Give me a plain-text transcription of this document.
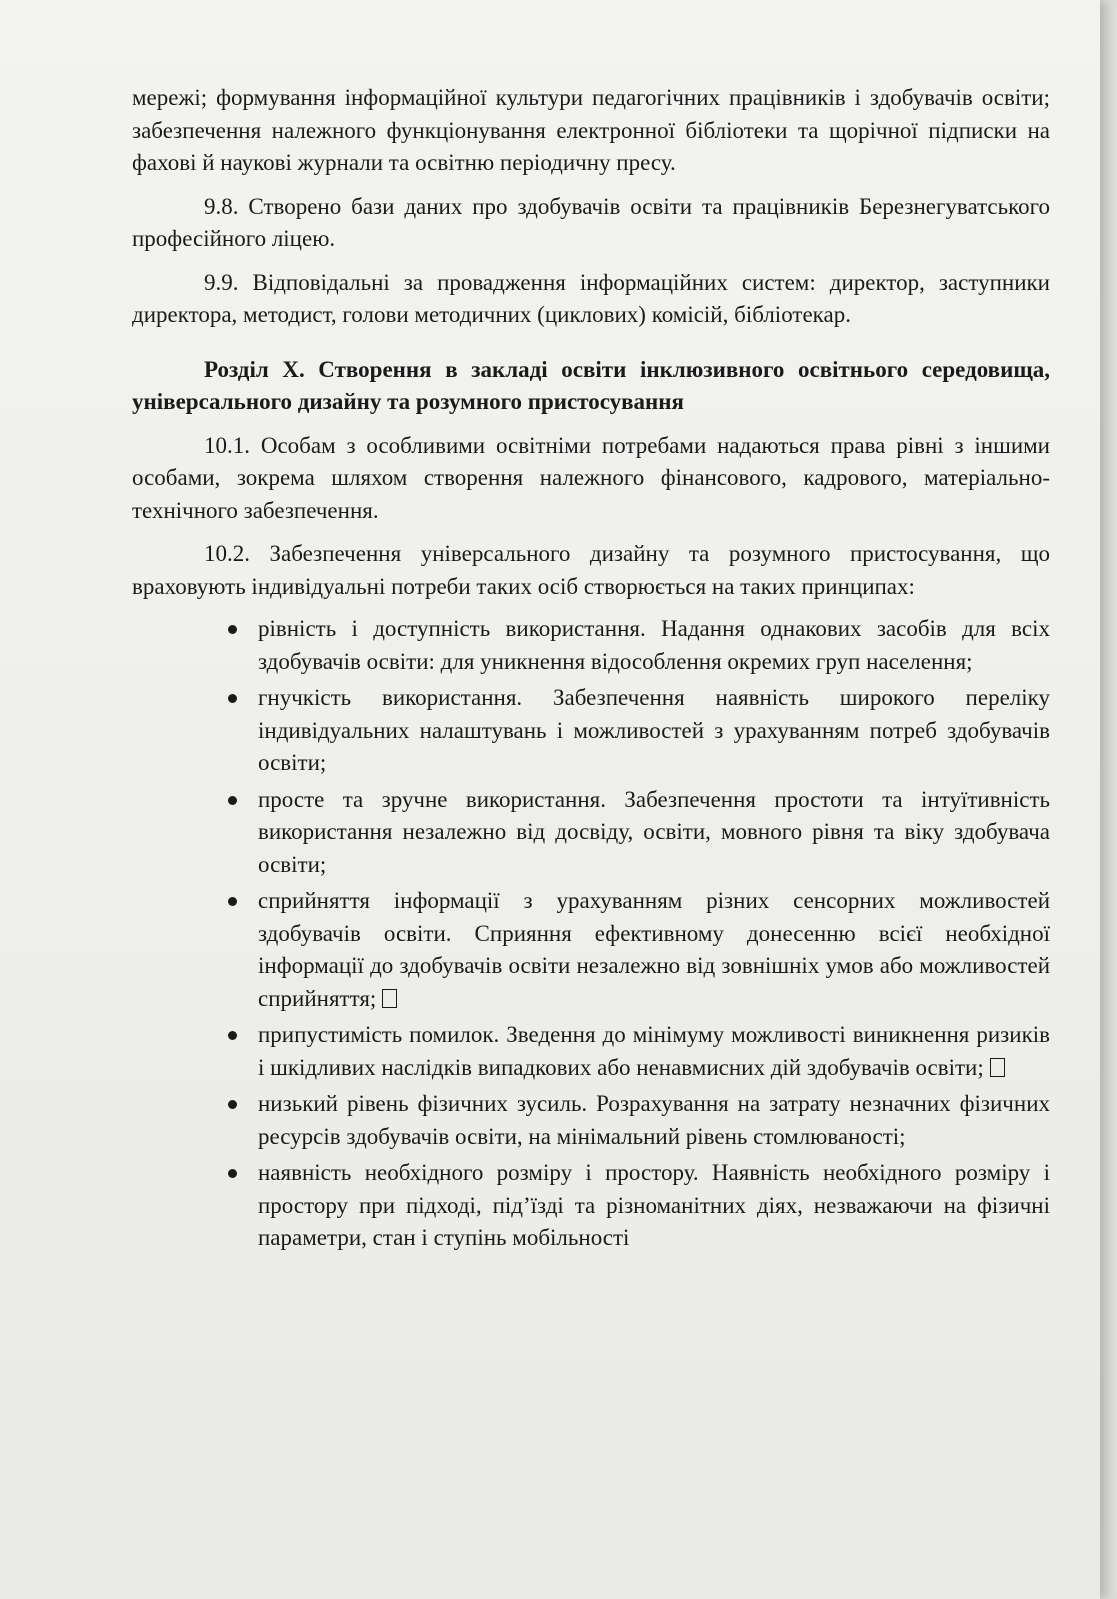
мережі; формування інформаційної культури педагогічних працівників і здобувачів освіти; забезпечення належного функціонування електронної бібліотеки та щорічної підписки на фахові й наукові журнали та освітню періодичну пресу.

9.8. Створено бази даних про здобувачів освіти та працівників Березнегуватського професійного ліцею.

9.9. Відповідальні за провадження інформаційних систем: директор, заступники директора, методист, голови методичних (циклових) комісій, бібліотекар.

Розділ X. Створення в закладі освіти інклюзивного освітнього середовища, універсального дизайну та розумного пристосування

10.1. Особам з особливими освітніми потребами надаються права рівні з іншими особами, зокрема шляхом створення належного фінансового, кадрового, матеріально-технічного забезпечення.

10.2. Забезпечення універсального дизайну та розумного пристосування, що враховують індивідуальні потреби таких осіб створюється на таких принципах:

рівність і доступність використання. Надання однакових засобів для всіх здобувачів освіти: для уникнення відособлення окремих груп населення;
гнучкість використання. Забезпечення наявність широкого переліку індивідуальних налаштувань і можливостей з урахуванням потреб здобувачів освіти;
просте та зручне використання. Забезпечення простоти та інтуїтивність використання незалежно від досвіду, освіти, мовного рівня та віку здобувача освіти;
сприйняття інформації з урахуванням різних сенсорних можливостей здобувачів освіти. Сприяння ефективному донесенню всієї необхідної інформації до здобувачів освіти незалежно від зовнішніх умов або можливостей сприйняття;
припустимість помилок. Зведення до мінімуму можливості виникнення ризиків і шкідливих наслідків випадкових або ненавмисних дій здобувачів освіти;
низький рівень фізичних зусиль. Розрахування на затрату незначних фізичних ресурсів здобувачів освіти, на мінімальний рівень стомлюваності;
наявність необхідного розміру і простору. Наявність необхідного розміру і простору при підході, під’їзді та різноманітних діях, незважаючи на фізичні параметри, стан і ступінь мобільності
